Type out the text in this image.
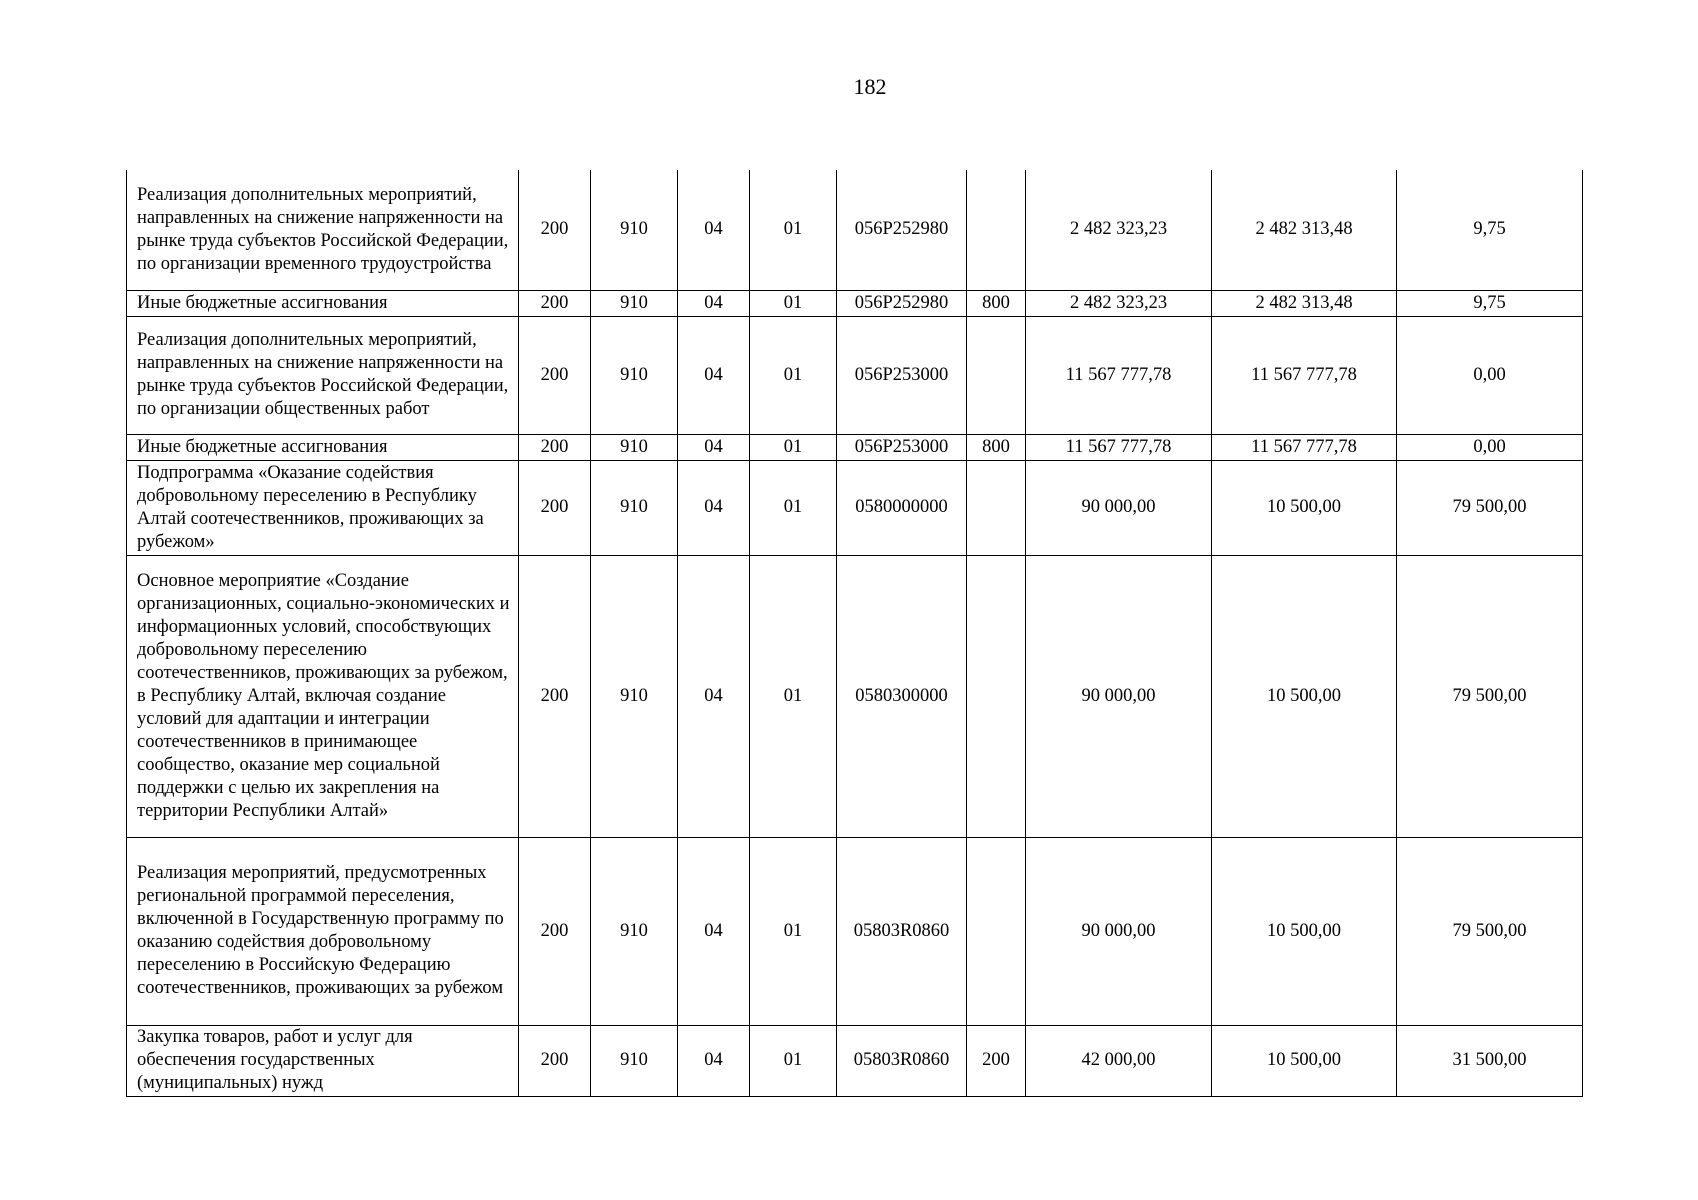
182
Реализация дополнительных мероприятий, направленных на снижение напряженности на рынке труда субъектов Российской Федерации, по организации временного трудоустройства	200	910	04	01	056P252980		2 482 323,23	2 482 313,48	9,75
Иные бюджетные ассигнования	200	910	04	01	056P252980	800	2 482 323,23	2 482 313,48	9,75
Реализация дополнительных мероприятий, направленных на снижение напряженности на рынке труда субъектов Российской Федерации, по организации общественных работ	200	910	04	01	056P253000		11 567 777,78	11 567 777,78	0,00
Иные бюджетные ассигнования	200	910	04	01	056P253000	800	11 567 777,78	11 567 777,78	0,00
Подпрограмма «Оказание содействия добровольному переселению в Республику Алтай соотечественников, проживающих за рубежом»	200	910	04	01	0580000000		90 000,00	10 500,00	79 500,00
Основное мероприятие «Создание организационных, социально-экономических и информационных условий, способствующих добровольному переселению соотечественников, проживающих за рубежом, в Республику Алтай, включая создание условий для адаптации и интеграции соотечественников в принимающее сообщество, оказание мер социальной поддержки с целью их закрепления на территории Республики Алтай»	200	910	04	01	0580300000		90 000,00	10 500,00	79 500,00
Реализация мероприятий, предусмотренных региональной программой переселения, включенной в Государственную программу по оказанию содействия добровольному переселению в Российскую Федерацию соотечественников, проживающих за рубежом	200	910	04	01	05803R0860		90 000,00	10 500,00	79 500,00
Закупка товаров, работ и услуг для обеспечения государственных (муниципальных) нужд	200	910	04	01	05803R0860	200	42 000,00	10 500,00	31 500,00
